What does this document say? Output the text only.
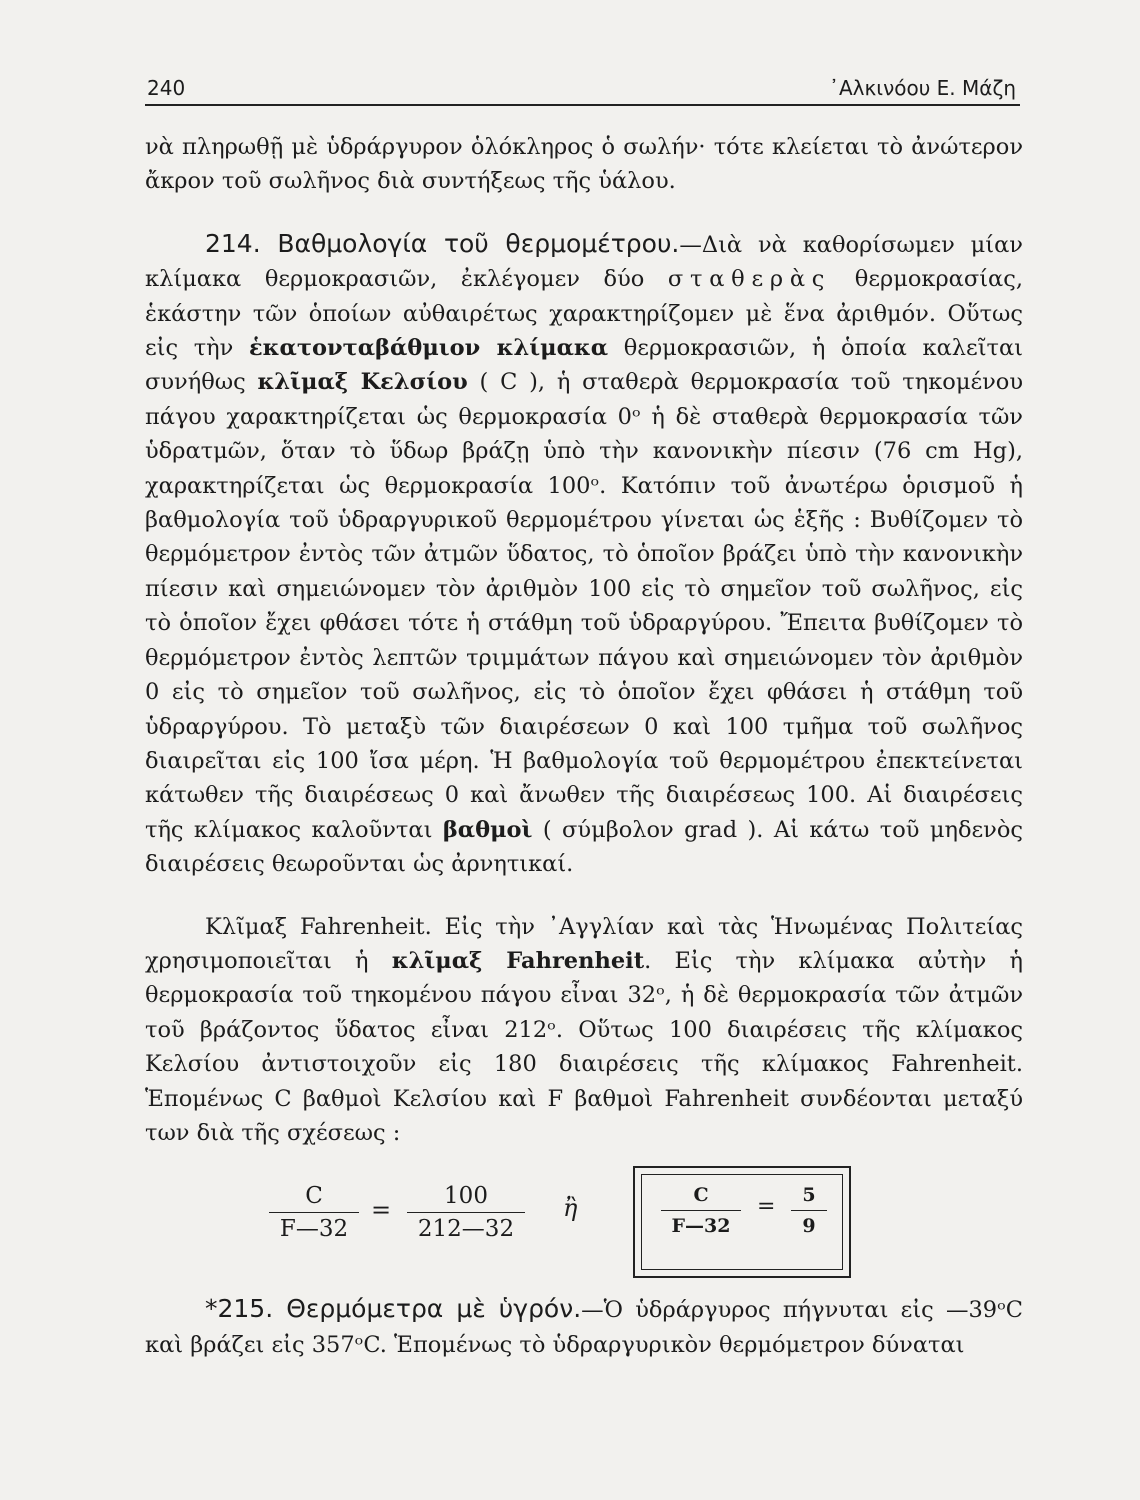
240	᾽Αλκινόου Ε. Μάζη

νὰ πληρωθῇ μὲ ὑδράργυρον ὁλόκληρος ὁ σωλήν· τότε κλείεται τὸ ἀνώτερον ἄκρον τοῦ σωλῆνος διὰ συντήξεως τῆς ὑάλου.

214. Βαθμολογία τοῦ θερμομέτρου.—Διὰ νὰ καθορίσωμεν μίαν κλίμακα θερμοκρασιῶν, ἐκλέγομεν δύο σταθερὰς θερμοκρασίας, ἑκάστην τῶν ὁποίων αὐθαιρέτως χαρακτηρίζομεν μὲ ἕνα ἀριθμόν. Οὕτως εἰς τὴν ἑκατονταβάθμιον κλίμακα θερμοκρασιῶν, ἡ ὁποία καλεῖται συνήθως κλῖμαξ Κελσίου ( C ), ἡ σταθερὰ θερμοκρασία τοῦ τηκομένου πάγου χαρακτηρίζεται ὡς θερμοκρασία 0ᵒ ἡ δὲ σταθερὰ θερμοκρασία τῶν ὑδρατμῶν, ὅταν τὸ ὕδωρ βράζῃ ὑπὸ τὴν κανονικὴν πίεσιν (76 cm Hg), χαρακτηρίζεται ὡς θερμοκρασία 100ᵒ. Κατόπιν τοῦ ἀνωτέρω ὁρισμοῦ ἡ βαθμολογία τοῦ ὑδραργυρικοῦ θερμομέτρου γίνεται ὡς ἑξῆς : Βυθίζομεν τὸ θερμόμετρον ἐντὸς τῶν ἀτμῶν ὕδατος, τὸ ὁποῖον βράζει ὑπὸ τὴν κανονικὴν πίεσιν καὶ σημειώνομεν τὸν ἀριθμὸν 100 εἰς τὸ σημεῖον τοῦ σωλῆνος, εἰς τὸ ὁποῖον ἔχει φθάσει τότε ἡ στάθμη τοῦ ὑδραργύρου. Ἔπειτα βυθίζομεν τὸ θερμόμετρον ἐντὸς λεπτῶν τριμμάτων πάγου καὶ σημειώνομεν τὸν ἀριθμὸν 0 εἰς τὸ σημεῖον τοῦ σωλῆνος, εἰς τὸ ὁποῖον ἔχει φθάσει ἡ στάθμη τοῦ ὑδραργύρου. Τὸ μεταξὺ τῶν διαιρέσεων 0 καὶ 100 τμῆμα τοῦ σωλῆνος διαιρεῖται εἰς 100 ἴσα μέρη. Ἡ βαθμολογία τοῦ θερμομέτρου ἐπεκτείνεται κάτωθεν τῆς διαιρέσεως 0 καὶ ἄνωθεν τῆς διαιρέσεως 100. Αἱ διαιρέσεις τῆς κλίμακος καλοῦνται βαθμοὶ ( σύμβολον grad ). Αἱ κάτω τοῦ μηδενὸς διαιρέσεις θεωροῦνται ὡς ἀρνητικαί.

Κλῖμαξ Fahrenheit. Εἰς τὴν ᾽Αγγλίαν καὶ τὰς Ἡνωμένας Πολιτείας χρησιμοποιεῖται ἡ κλῖμαξ Fahrenheit. Εἰς τὴν κλίμακα αὐτὴν ἡ θερμοκρασία τοῦ τηκομένου πάγου εἶναι 32ᵒ, ἡ δὲ θερμοκρασία τῶν ἀτμῶν τοῦ βράζοντος ὕδατος εἶναι 212ᵒ. Οὕτως 100 διαιρέσεις τῆς κλίμακος Κελσίου ἀντιστοιχοῦν εἰς 180 διαιρέσεις τῆς κλίμακος Fahrenheit. Ἑπομένως C βαθμοὶ Κελσίου καὶ F βαθμοὶ Fahrenheit συνδέονται μεταξύ των διὰ τῆς σχέσεως :

$\frac{C}{F—32} = \frac{100}{212—32}$ ἢ	$\frac{C}{F—32} = \frac{5}{9}$

*215. Θερμόμετρα μὲ ὑγρόν.—Ὁ ὑδράργυρος πήγνυται εἰς —39ᵒC καὶ βράζει εἰς 357ᵒC. Ἑπομένως τὸ ὑδραργυρικὸν θερμόμετρον δύναται
